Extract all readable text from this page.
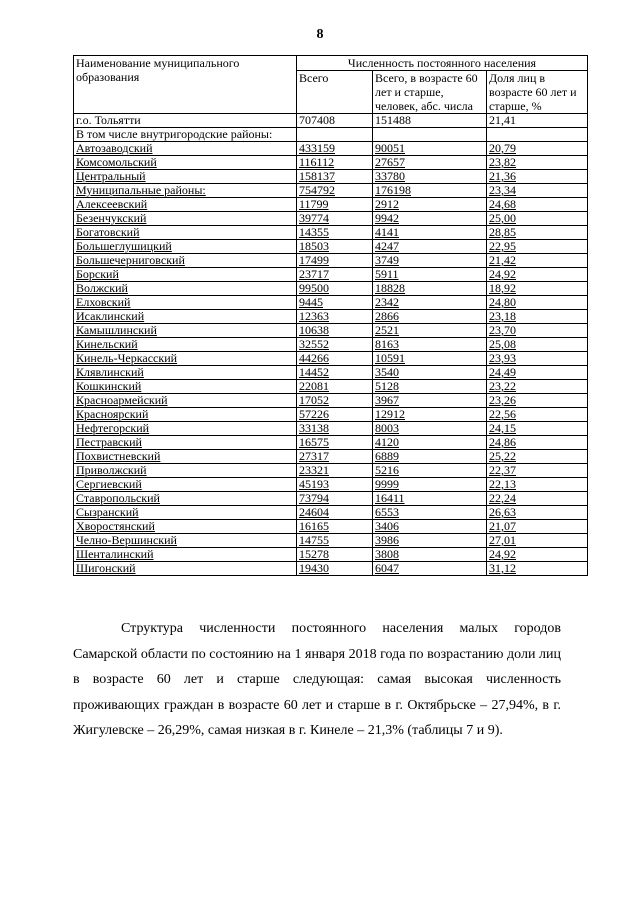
8
Наименование муниципального образования	Численность постоянного населения		
	Всего	Всего, в возрасте 60 лет и старше, человек, абс. числа	Доля лиц в возрасте 60 лет и старше, %
г.о. Тольятти	707408	151488	21,41
В том числе внутригородские районы:			
Автозаводский	433159	90051	20,79
Комсомольский	116112	27657	23,82
Центральный	158137	33780	21,36
Муниципальные районы:	754792	176198	23,34
Алексеевский	11799	2912	24,68
Безенчукский	39774	9942	25,00
Богатовский	14355	4141	28,85
Большеглушицкий	18503	4247	22,95
Большечерниговский	17499	3749	21,42
Борский	23717	5911	24,92
Волжский	99500	18828	18,92
Елховский	9445	2342	24,80
Исаклинский	12363	2866	23,18
Камышлинский	10638	2521	23,70
Кинельский	32552	8163	25,08
Кинель-Черкасский	44266	10591	23,93
Клявлинский	14452	3540	24,49
Кошкинский	22081	5128	23,22
Красноармейский	17052	3967	23,26
Красноярский	57226	12912	22,56
Нефтегорский	33138	8003	24,15
Пестравский	16575	4120	24,86
Похвистневский	27317	6889	25,22
Приволжский	23321	5216	22,37
Сергиевский	45193	9999	22,13
Ставропольский	73794	16411	22,24
Сызранский	24604	6553	26,63
Хворостянский	16165	3406	21,07
Челно-Вершинский	14755	3986	27,01
Шенталинский	15278	3808	24,92
Шигонский	19430	6047	31,12
Структура численности постоянного населения малых городов Самарской области по состоянию на 1 января 2018 года по возрастанию доли лиц в возрасте 60 лет и старше следующая: самая высокая численность проживающих граждан в возрасте 60 лет и старше в г. Октябрьске – 27,94%, в г. Жигулевске – 26,29%, самая низкая в г. Кинеле – 21,3% (таблицы 7 и 9).
